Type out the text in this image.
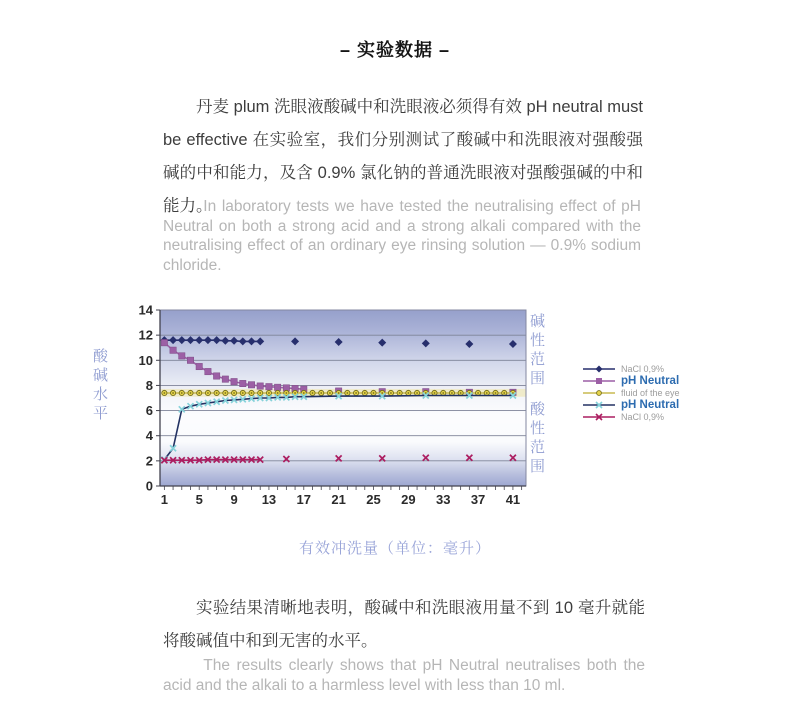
– 实验数据 –

丹麦 plum 洗眼液酸碱中和洗眼液必须得有效 pH neutral must be effective 在实验室，我们分别测试了酸碱中和洗眼液对强酸强碱的中和能力，及含 0.9% 氯化钠的普通洗眼液对强酸强碱的中和能力。

In laboratory tests we have tested the neutralising effect of pH Neutral on both a strong acid and a strong alkali compared with the neutralising effect of an ordinary eye rinsing solution — 0.9% sodium chloride.

酸碱水平
1 5 9 13 17 21 25 29 33 37 41
0
2
4
6
8
10
12
14
碱性范围
酸性范围
NaCl 0,9%
pH Neutral
fluid of the eye
pH Neutral
NaCl 0,9%
有效冲洗量（单位：毫升）

实验结果清晰地表明，酸碱中和洗眼液用量不到 10 毫升就能将酸碱值中和到无害的水平。

The results clearly shows that pH Neutral neutralises both the acid and the alkali to a harmless level with less than 10 ml.
